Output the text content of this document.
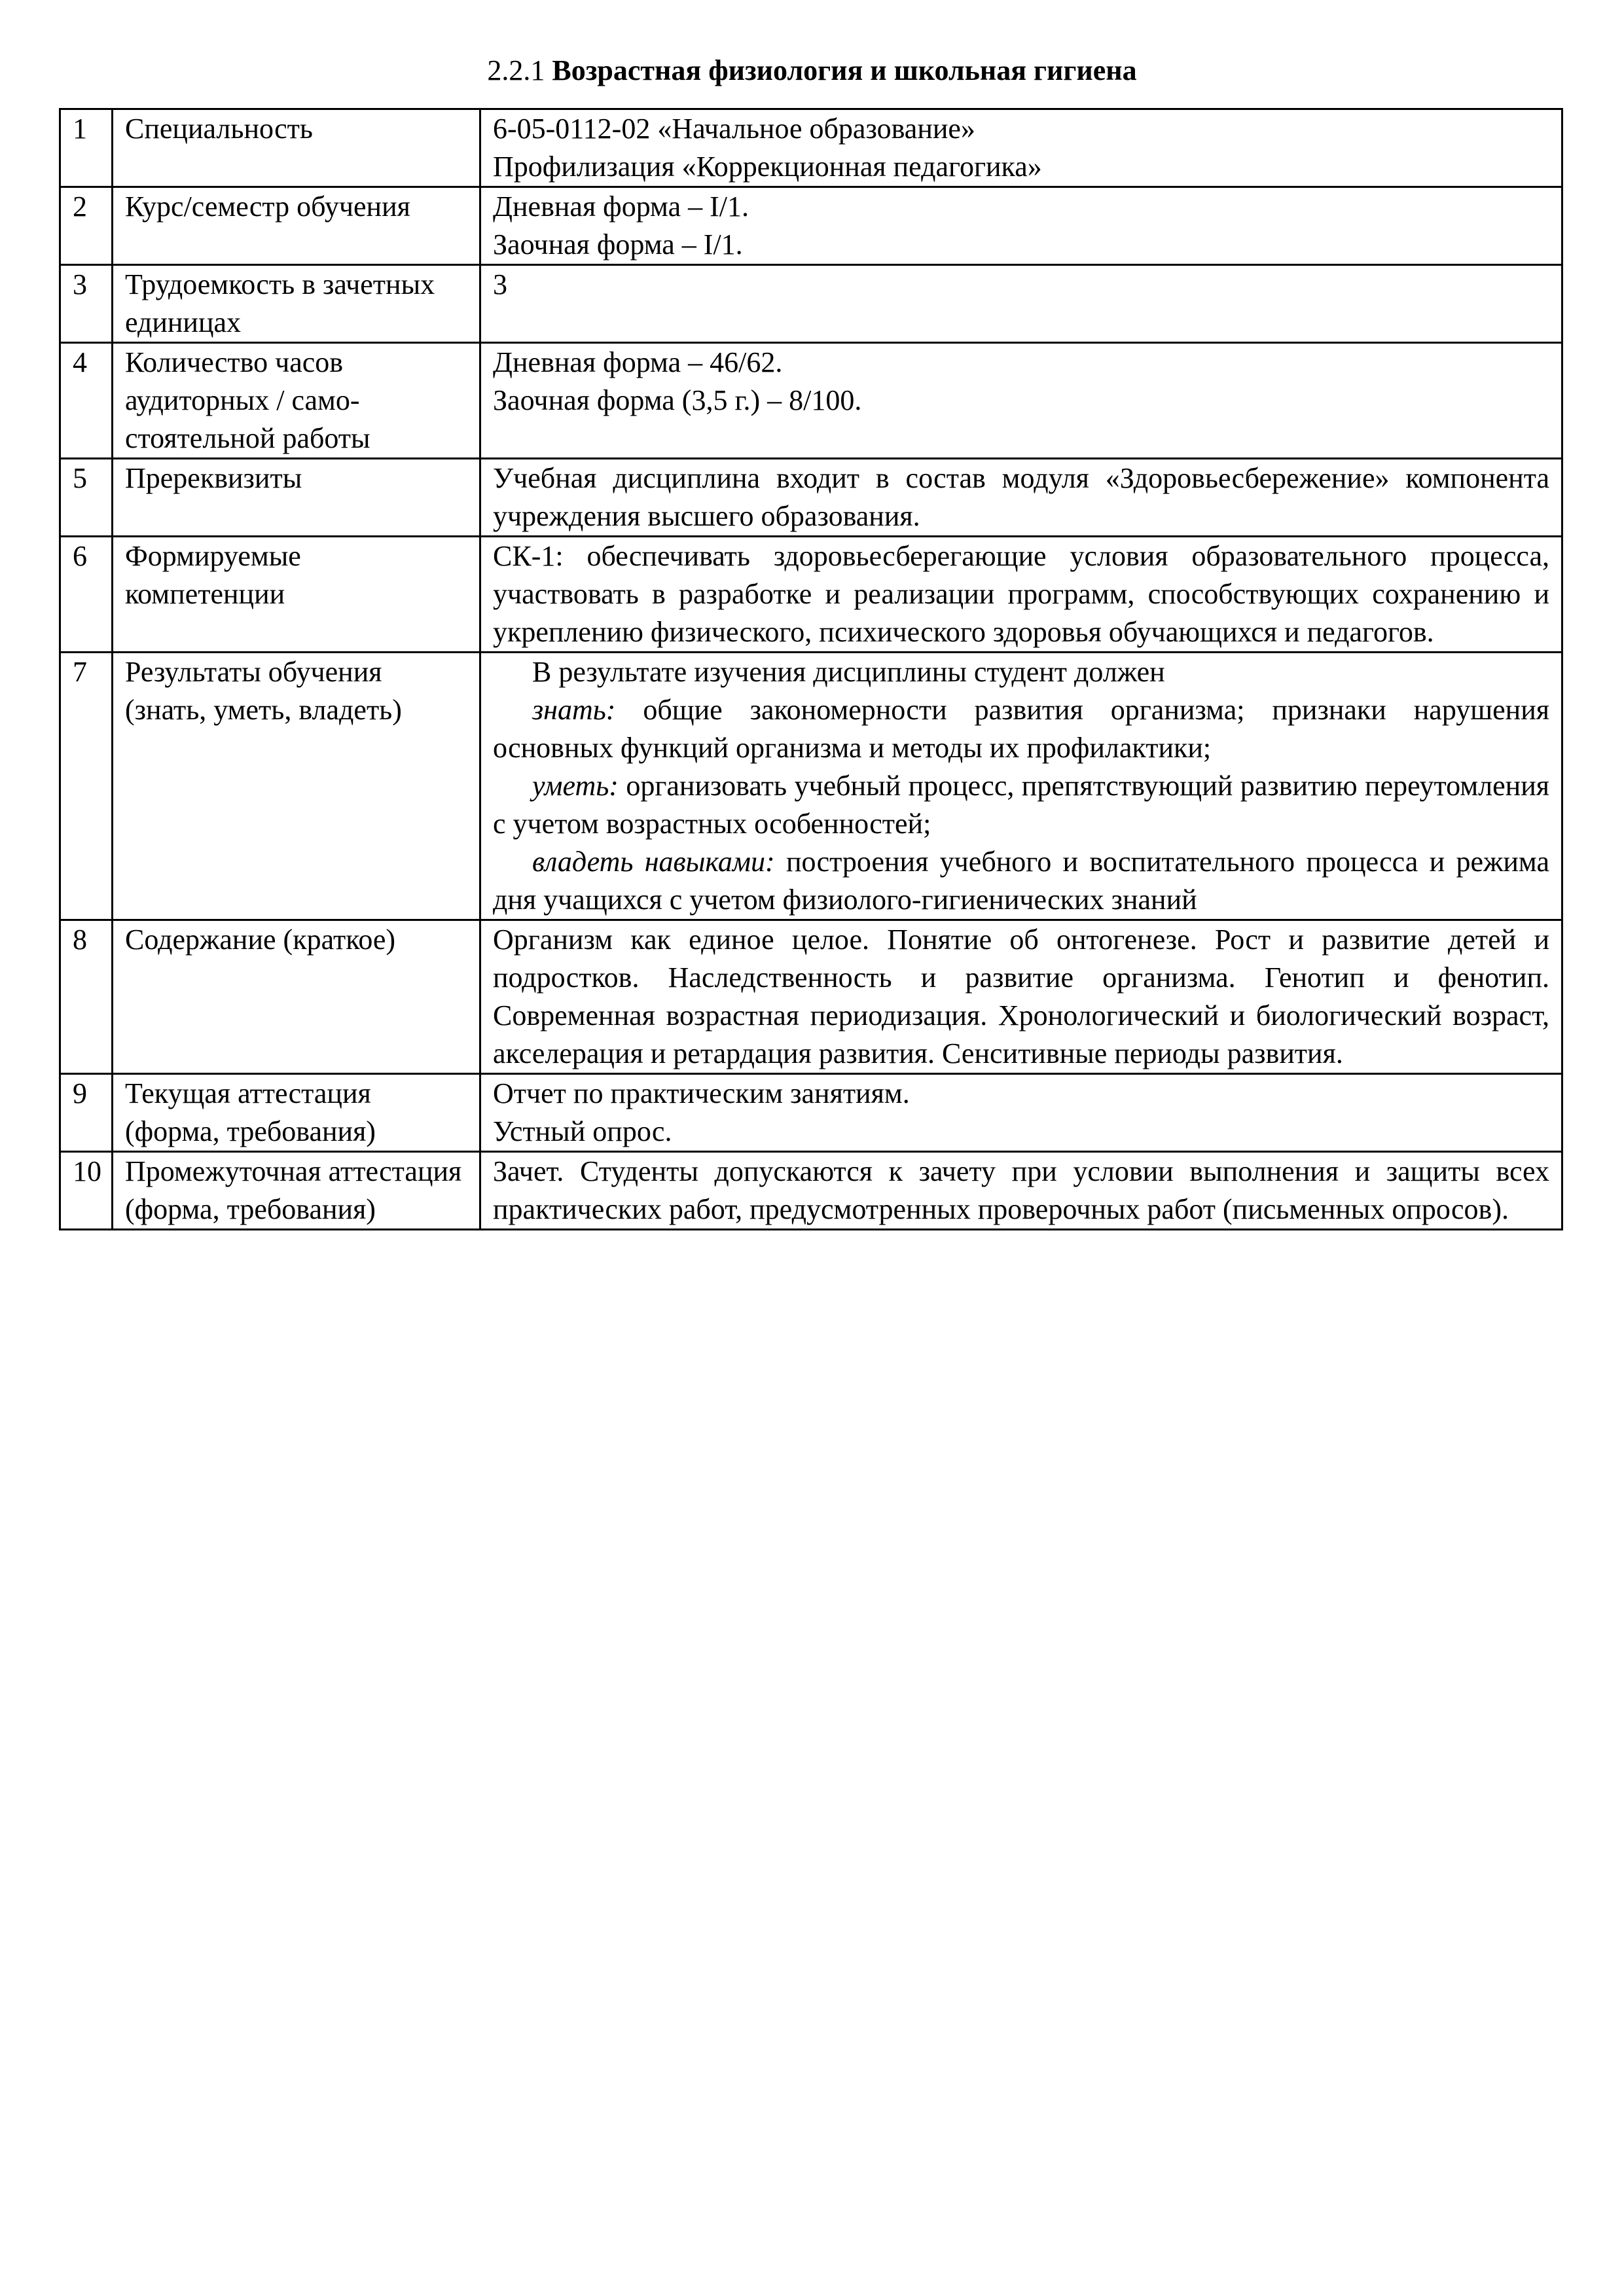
2.2.1 Возрастная физиология и школьная гигиена
1	Специальность	6-05-0112-02 «Начальное образование»
Профилизация «Коррекционная педагогика»

2	Курс/семестр обучения	Дневная форма – I/1.
Заочная форма – I/1.

3	Трудоемкость в зачетных единицах	3

4	Количество часов аудиторных / само-стоятельной работы	Дневная форма – 46/62.
Заочная форма (3,5 г.) – 8/100.

5	Пререквизиты	Учебная дисциплина входит в состав модуля «Здоровьесбережение» компонента учреждения высшего образования.
6	Формируемые компетенции	СК-1: обеспечивать здоровьесберегающие условия образовательного процесса, участвовать в разработке и реализации программ, способствующих сохранению и укреплению физического, психического здоровья обучающихся и педагогов.
7	Результаты обучения (знать, уметь, владеть)	В результате изучения дисциплины студент должен
знать: общие закономерности развития организма; признаки нарушения основных функций организма и методы их профилактики;
уметь: организовать учебный процесс, препятствующий развитию переутомления с учетом возрастных особенностей;
владеть навыками: построения учебного и воспитательного процесса и режима дня учащихся с учетом физиолого-гигиенических знаний

8	Содержание (краткое)	Организм как единое целое. Понятие об онтогенезе. Рост и развитие детей и подростков. Наследственность и развитие организма. Генотип и фенотип. Современная возрастная периодизация. Хронологический и биологический возраст, акселерация и ретардация развития. Сенситивные периоды развития.
9	Текущая аттестация (форма, требования)	Отчет по практическим занятиям.
Устный опрос.

10	Промежуточная аттестация (форма, требования)	Зачет. Студенты допускаются к зачету при условии выполнения и защиты всех практических работ, предусмотренных проверочных работ (письменных опросов).
